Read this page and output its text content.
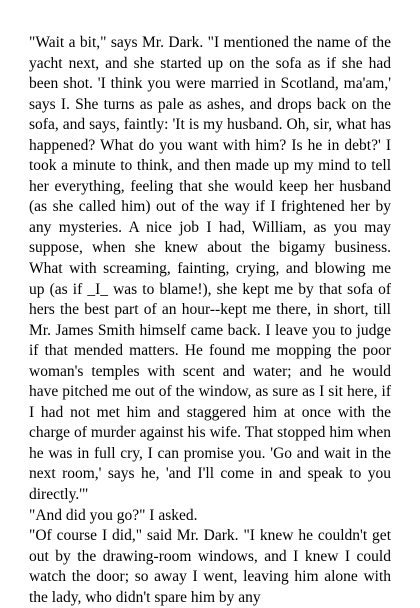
"Wait a bit," says Mr. Dark. "I mentioned the name of the yacht next, and she started up on the sofa as if she had been shot. 'I think you were married in Scotland, ma'am,' says I. She turns as pale as ashes, and drops back on the sofa, and says, faintly: 'It is my husband. Oh, sir, what has happened? What do you want with him? Is he in debt?' I took a minute to think, and then made up my mind to tell her everything, feeling that she would keep her husband (as she called him) out of the way if I frightened her by any mysteries. A nice job I had, William, as you may suppose, when she knew about the bigamy business. What with screaming, fainting, crying, and blowing me up (as if _I_ was to blame!), she kept me by that sofa of hers the best part of an hour--kept me there, in short, till Mr. James Smith himself came back. I leave you to judge if that mended matters. He found me mopping the poor woman's temples with scent and water; and he would have pitched me out of the window, as sure as I sit here, if I had not met him and staggered him at once with the charge of murder against his wife. That stopped him when he was in full cry, I can promise you. 'Go and wait in the next room,' says he, 'and I'll come in and speak to you directly.'"

"And did you go?" I asked.

"Of course I did," said Mr. Dark. "I knew he couldn't get out by the drawing-room windows, and I knew I could watch the door; so away I went, leaving him alone with the lady, who didn't spare him by any
